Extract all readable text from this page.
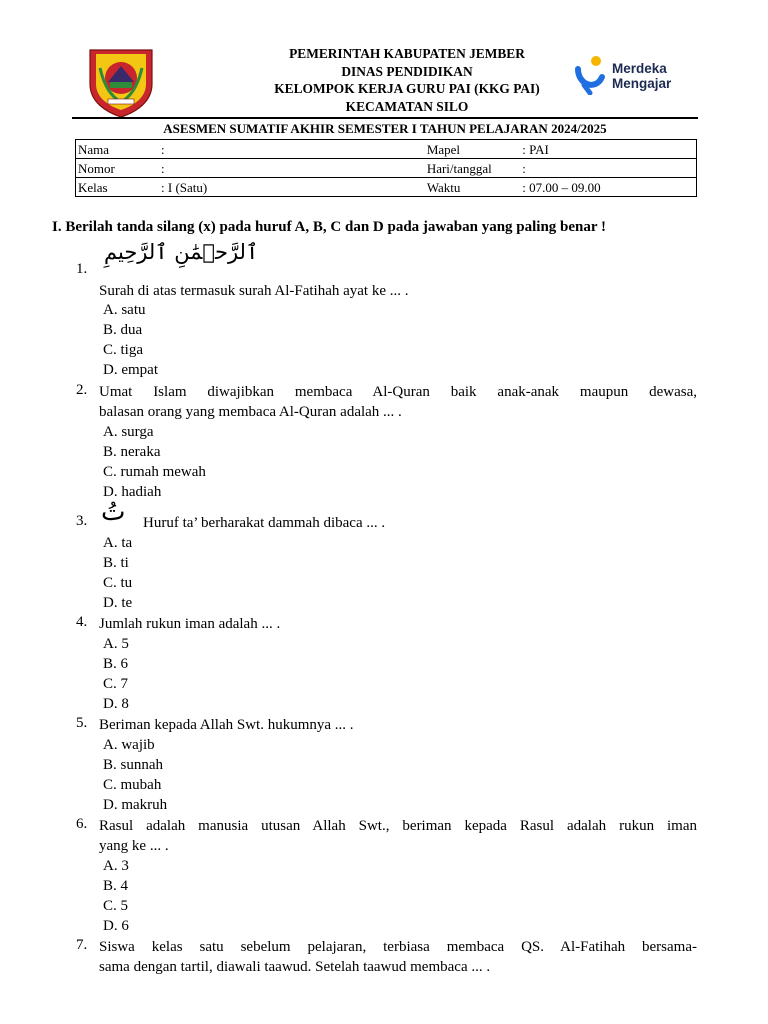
PEMERINTAH KABUPATEN JEMBER
DINAS PENDIDIKAN
KELOMPOK KERJA GURU PAI (KKG PAI)
KECAMATAN SILO
Merdeka
Mengajar
ASESMEN SUMATIF AKHIR SEMESTER I TAHUN PELAJARAN 2024/2025
Nama	:	Mapel	: PAI
Nomor	:	Hari/tanggal	:
Kelas	: I (Satu)	Waktu	: 07.00 – 09.00
I. Berilah tanda silang (x) pada huruf A, B, C dan D pada jawaban yang paling benar !
1.
ٱلرَّحۡمَٰنِ ٱلرَّحِيمِ
Surah di atas termasuk surah Al-Fatihah ayat ke ... .
A. satu
B. dua
C. tiga
D. empat
2. Umat Islam diwajibkan membaca Al-Quran baik anak-anak maupun dewasa,
balasan orang yang membaca Al-Quran adalah ... .
A. surga
B. neraka
C. rumah mewah
D. hadiah
3. تُ Huruf ta’ berharakat dammah dibaca ... .
A. ta
B. ti
C. tu
D. te
4. Jumlah rukun iman adalah ... .
A. 5
B. 6
C. 7
D. 8
5. Beriman kepada Allah Swt. hukumnya ... .
A. wajib
B. sunnah
C. mubah
D. makruh
6. Rasul adalah manusia utusan Allah Swt., beriman kepada Rasul adalah rukun iman
yang ke ... .
A. 3
B. 4
C. 5
D. 6
7. Siswa kelas satu sebelum pelajaran, terbiasa membaca QS. Al-Fatihah bersama-
sama dengan tartil, diawali taawud. Setelah taawud membaca ... .
